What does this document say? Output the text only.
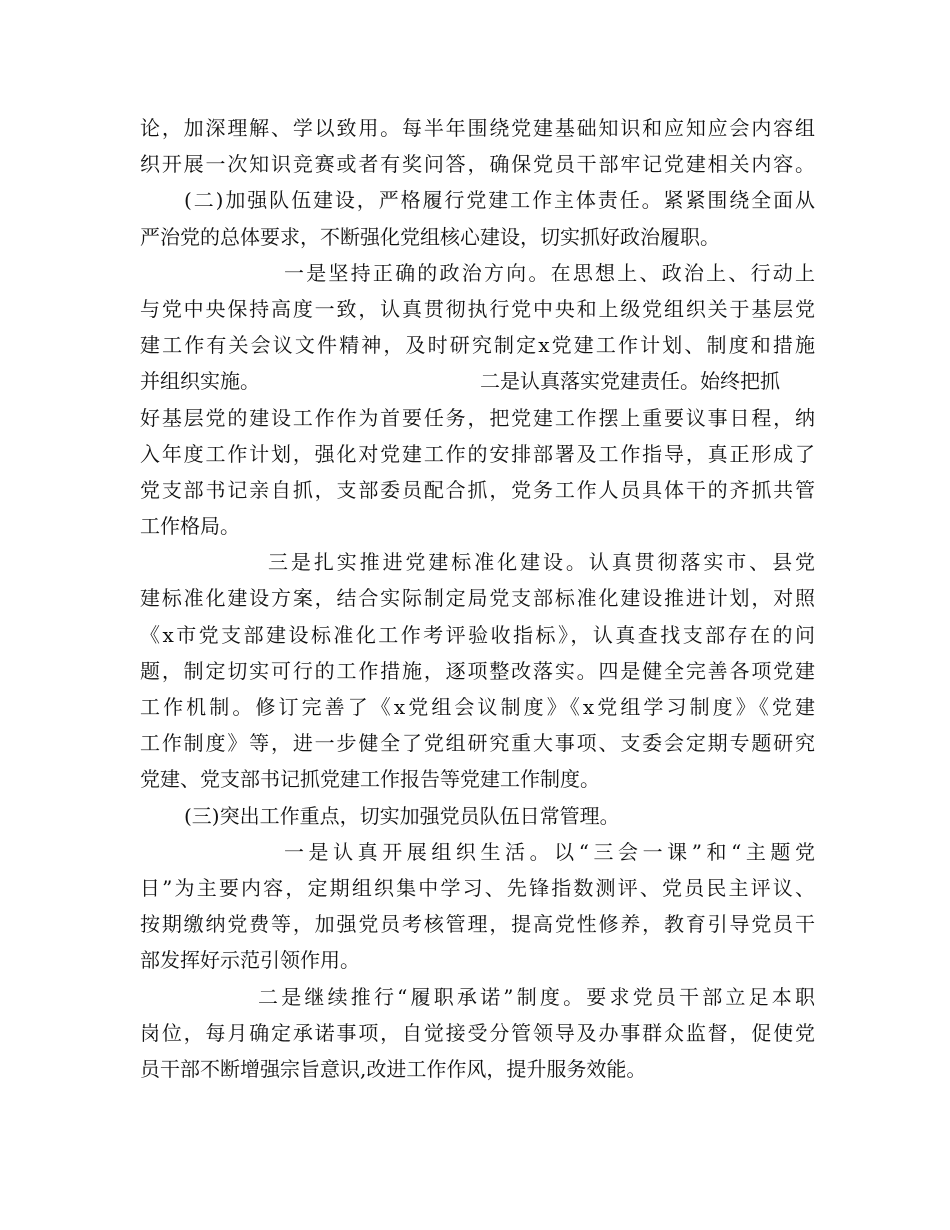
论，加深理解、学以致用。每半年围绕党建基础知识和应知应会内容组
织开展一次知识竞赛或者有奖问答，确保党员干部牢记党建相关内容。
(二)加强队伍建设，严格履行党建工作主体责任。紧紧围绕全面从
严治党的总体要求，不断强化党组核心建设，切实抓好政治履职。
一是坚持正确的政治方向。在思想上、政治上、行动上
与党中央保持高度一致，认真贯彻执行党中央和上级党组织关于基层党
建工作有关会议文件精神，及时研究制定x党建工作计划、制度和措施
并组织实施。	二是认真落实党建责任。始终把抓
好基层党的建设工作作为首要任务，把党建工作摆上重要议事日程，纳
入年度工作计划，强化对党建工作的安排部署及工作指导，真正形成了
党支部书记亲自抓，支部委员配合抓，党务工作人员具体干的齐抓共管
工作格局。
三是扎实推进党建标准化建设。认真贯彻落实市、县党
建标准化建设方案，结合实际制定局党支部标准化建设推进计划，对照
《x市党支部建设标准化工作考评验收指标》，认真查找支部存在的问
题，制定切实可行的工作措施，逐项整改落实。四是健全完善各项党建
工作机制。修订完善了《x党组会议制度》《x党组学习制度》《党建
工作制度》等，进一步健全了党组研究重大事项、支委会定期专题研究
党建、党支部书记抓党建工作报告等党建工作制度。
(三)突出工作重点，切实加强党员队伍日常管理。
一是认真开展组织生活。以“三会一课”和“主题党
日”为主要内容，定期组织集中学习、先锋指数测评、党员民主评议、
按期缴纳党费等，加强党员考核管理，提高党性修养，教育引导党员干
部发挥好示范引领作用。
二是继续推行“履职承诺”制度。要求党员干部立足本职
岗位，每月确定承诺事项，自觉接受分管领导及办事群众监督，促使党
员干部不断增强宗旨意识,改进工作作风，提升服务效能。
